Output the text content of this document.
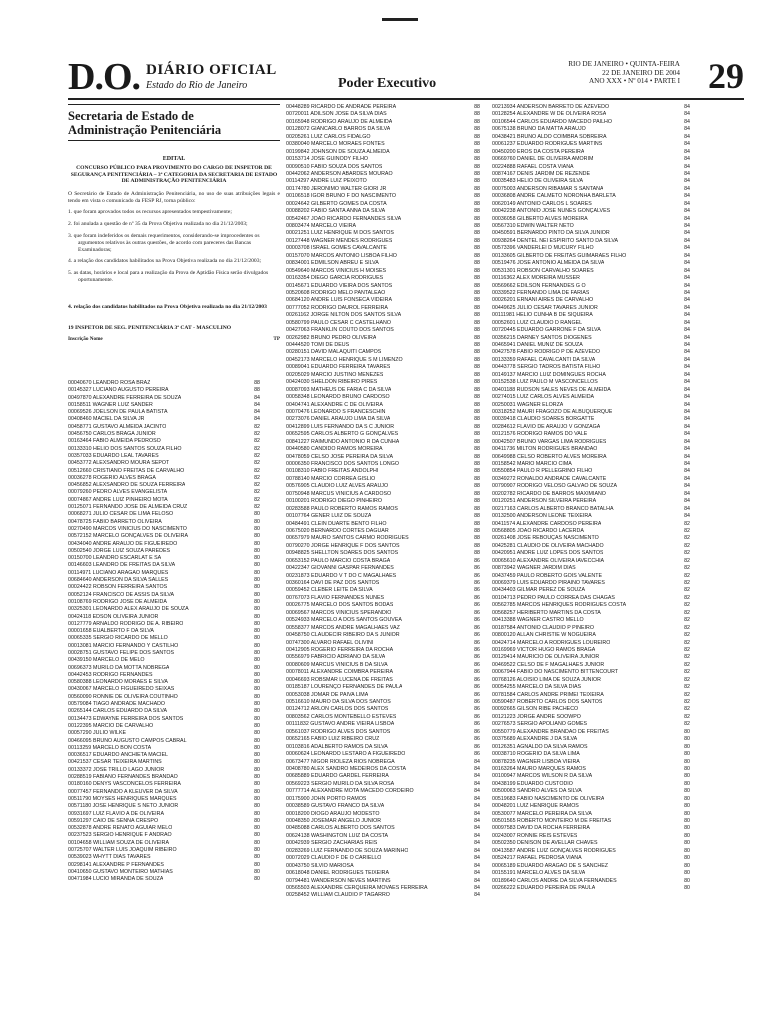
D.O. DIÁRIO OFICIAL
Estado do Rio de Janeiro	Poder Executivo
RIO DE JANEIRO • QUINTA-FEIRA
22 DE JANEIRO DE 2004
ANO XXX • Nº 014 • PARTE I 29
Secretaria de Estado de
Administração Penitenciária
EDITAL
CONCURSO PÚBLICO PARA PROVIMENTO DO CARGO DE INSPETOR DE SEGURANÇA PENITENCIÁRIA – 3ª CATEGORIA DA SECRETARIA DE ESTADO DE ADMINISTRAÇÃO PENITENCIÁRIA

O Secretário de Estado de Administração Penitenciária, no uso de suas atribuições legais e tendo em vista o comunicado da FESP RJ, torna público:

1. que foram aprovados todos os recursos apresentados tempestivamente;
2. foi anulada a questão de nº 35 da Prova Objetiva realizada no dia 21/12/2003;
3. que foram indeferidos os demais requerimentos, considerando-se improcedentes os argumentos relativos às outras questões, de acordo com pareceres das Bancas Examinadoras;
4. a relação dos candidatos habilitados na Prova Objetiva realizada no dia 21/12/2003;
5. as datas, horários e local para a realização da Prova de Aptidão Física serão divulgados oportunamente.
4. relação dos candidatos habilitados na Prova Objetiva realizada no dia 21/12/2003
19 INSPETOR DE SEG. PENITENCIÁRIA 3ª CAT - MASCULINO
Inscrição Nome	TP
00040670 LEANDRO ROSA BRAZ	88
00145327 LUCIANO AUGUSTO PEREIRA	88
00497870 ALEXANDRE FERREIRA DE SOUZA	84
00158511 WAGNER LUIZ SANDER	84
00069526 JOELSON DE PAULA BATISTA	84
00408460 MACIEL DA SILVA JR	84
00458771 GUSTAVO ALMEIDA JACINTO	82
00456750 CARLOS BRAGA JÚNIOR	82
00163464 FABIO ALMEIDA PEDROSO	82
00133310 HÉLIO DOS SANTOS SOUZA FILHO	82
00357033 EDUARDO LEAL TAVARES	82
00453772 ALEXSANDRO MOURA SEPOT	82
00512660 CRISTIANO FREITAS DE CARVALHO	82
00036278 ROGÉRIO ALVES BRAGA	82
00456852 ALEXSANDRO DE SOUZA FERREIRA	82
00079260 PEDRO ALVES EVANGELISTA	82
00074867 ANDRÉ LUIZ PINHEIRO MOTA	82
00125071 FERNANDO JOSÉ DE ALMEIDA CRUZ	82
00068271 JÚLIO CÉSAR DE LIMA FELOSO	80
00478725 FÁBIO BARRETO OLIVEIRA	80
00270490 MARCOS VINÍCIUS DO NASCIMENTO	80
00572152 MARCELO GONÇALVES DE OLIVEIRA	80
00434040 ANDRÉ ARAÚJO DE FIGUEIREDO	80
00502540 JORGE LUIZ SOUZA PAREDES	80
00150700 LEANDRO ESCARLAT E SÁ	80
00146603 LEANDRO DE FREITAS DA SILVA	80
00114971 LUCIANO ARAGÃO MARQUES	80
00684640 ANDERSON DA SILVA SALLES	80
00024422 ROBSON FERREIRA SANTOS	80
00052124 FRANCISCO DE ASSIS DA SILVA	80
00108769 RODRIGO JOSÉ DE ALMEIDA	80
00325301 LEONARDO ALEX ARAÚJO DE SOUZA	80
00424118 EDSON OLIVEIRA JÚNIOR	80
00127779 ARNALDO RODRIGO DE A. RIBEIRO	80
00001658 EUALBERTO F DA SILVA	80
00065335 SERGIO RICARDO DE MELLO	80
00013081 MARCIO FERNANDO Y CASTILHO	80
00028751 GUSTAVO FELIPE DOS SANTOS	80
00439150 MARCELO DE MELO	80
00696373 MURILO DA MOTTA NOBREGA	80
00442453 RODRIGO FERNANDES	80
00580388 LEONARDO MORAES E SILVA	80
00430067 MARCELO FIGUEIREDO SEIXAS	80
00560090 RONNIE DE OLIVEIRA COUTINHO	80
00579084 TIAGO ANDRADE MACHADO	80
00265144 CARLOS EDUARDO DA SILVA	80
00134473 EDWAYNE FERREIRA DOS SANTOS	80
00122395 MARCIO DE CARVALHO	80
00057290 JÚLIO WILKE	80
00466095 BRUNO AUGUSTO CAMPOS CABRAL	80
00113259 MARCELO BON COSTA	80
00036517 EDUARDO ANCHIETA MACIEL	80
00421537 CÉSAR TEIXEIRA MARTINS	80
00133372 JOSÉ TRILLO LAGO JÚNIOR	80
00288519 FABIANO FERNANDES BRANDÃO	80
00180160 DENYS VASCONCELOS FERREIRA	80
00077457 FERNANDO A KLEUVER DA SILVA	80
00511790 MOYSÉS HENRIQUES MARQUES	80
00571180 JOSÉ HENRIQUE S NETO JÚNIOR	80
00931697 LUIZ FLÁVIO A DE OLIVEIRA	80
00591297 CAIO DE SENNA CRESPO	80
00532878 ANDRÉ RENATO AGUIAR MELO	80
00237523 SERGIO HENRIQUE F ANDRÃO	80
00104658 WILLIAM SOUZA DE OLIVEIRA	80
00725707 WALTER LUIS JOAQUIM RIBEIRO	80
00539023 WHYTT DIAS TAVARES	80
00298141 ALEXANDRE P FERNANDES	80
00410650 GUSTAVO MONTEIRO MATHIAS	80
00471984 LUCIO MIRANDA DE SOUZA	80
00448289 RICARDO DE ANDRADE PEREIRA	88
00720011 ADILSON JOSÉ DA SILVA DIAS	88
00165948 RODRIGO ARAÚJO DE ALMEIDA	88
00128072 GIANCARLO BARROS DA SILVA	88
00205261 LUIZ CARLOS FIDALGO	88
00380040 MARCELO MORAES FONTES	88
00199842 JOHNSON DE SOUZA ALMEIDA	88
00153714 JOSÉ GUINODY FILHO	88
00090510 FÁBIO SOUZA DOS SANTOS	88
00442062 ANDERSON ABARDES MOURÃO	88
00114297 ANDRÉ LUIZ PEIXOTO	88
00174780 JERÔNIMO WALTER GIORI JR	88
00106518 IGOR BRUNO F DO NASCIMENTO	88
00024642 GILBERTO GOMES DA COSTA	88
00088202 FÁBIO SANTA ANNA DA SILVA	88
00542467 JOÃO RICARDO FERNANDES SILVA	88
00803474 MARCELO VIEIRA	88
00021251 LUIZ HENRIQUE M DOS SANTOS	88
00127448 WAGNER MENDES RODRIGUES	88
00003708 ISRAEL GOMES CAVALCANTE	88
00157070 MARCOS ANTONIO LISBOA FILHO	88
00834001 EDMILSON ABREU E SILVA	88
00549640 MARCOS VINÍCIUS H MOISÉS	88
00163354 DIEGO GARCIA RODRIGUES	88
00145671 EDUARDO VIEIRA DOS SANTOS	88
00520608 RODRIGO MELO PANTALEÃO	88
00684120 ANDRÉ LUIS FONSECA VIDEIRA	88
00777052 RODRIGO DAUROL FERREIRA	88
00261162 JORGE NILTON DOS SANTOS SILVA	88
00580799 PAULO CÉSAR C CASTELHANO	88
00427063 FRANKLIN COUTO DOS SANTOS	88
00262982 BRUNO PEDRO OLIVEIRA	88
00444520 TOMI DE DEUS	88
00280151 DAVID MALAQUITI CAMPOS	88
00452173 MARCELO HENRIQUE S M LIMENZO	88
00089041 EDUARDO FERREIRA TAVARES	88
00205029 MARCIO JUSTINO MENEZES	88
00424030 SHELDON RIBEIRO PIRES	88
00087093 MATHEUS DE FARIA C DA SILVA	88
00058348 LEONARDO BRUNO CARDOSO	88
00404741 ALEXANDRE C DE OLIVEIRA	88
00070476 LEONARDO S FRANCESCHIN	88
00273076 DANIEL ARAÚJO LIMA DA SILVA	88
00412899 LUIS FERNANDO DA S C JÚNIOR	88
00652595 CARLOS ALBERTO G GONÇALVES	88
00841227 RAIMUNDO ANTONIO R DA CUNHA	88
00440580 CÂNDIDO RAMOS MOREIRA	88
00478059 CELSO JOSÉ PEREIRA DA SILVA	88
00006350 FRANCISCO DOS SANTOS LONGO	88
00108310 FABIO FREITAS ANDOLPHI	88
00788140 MARCIO CORRÊA GISLIO	88
00576905 CLAUDIO LUIZ ALVES ARAÚJO	88
00750948 MARCUS VINICIUS A CARDOSO	88
00100201 RODRIGO DIEGO PINHEIRO	88
00283588 PAULO ROBERTO RAMOS RAMOS	88
00107764 GENER LUIZ DE SOUZA	88
00484491 CLEIN DUARTE BENTO FILHO	88
00675020 BERNARDO CÔRTES DAGUAR	88
00657979 MAURO SANTOS CARMO RODRIGUES	88
00790270 JORGE HENRIQUE F DOS SANTOS	88
00948825 SHELLTON SOARES DOS SANTOS	88
00653152 PAULO MARCIO COSTA BRAGA	86
00422347 GIOVANNI GASPAR FERNANDES	86
00231873 EDUARDO V T DO C MAGALHÃES	86
00360164 DAVI DE PAZ DOS SANTOS	86
00059452 CLÉBER LEITE DA SILVA	86
00767073 FLÁVIO FERNANDES NUNES	86
00026775 MARCELO DOS SANTOS BODAS	86
00069567 MARCOS VINICIUS SPERANDIO	86
00524933 MARCELO A DOS SANTOS GOUVEA	86
00558377 MARCOS ANDRÉ MAGALHÃES VAZ	86
00458750 CLAUDECIR RIBEIRO DA S JÚNIOR	86
00747300 ALVARO RAFAEL OLIVINI	86
00412905 ROGÉRIO FERREIRA DA ROCHA	86
00556979 FABRÍCIO ADRIANO DA SILVA	86
00080609 MARCUS VINICIUS B DA SILVA	86
00078011 ALEXANDRE COIMBRA PEREIRA	86
00046693 ROBSMAR LUCENA DE FREITAS	86
00185187 LOURENÇO FERNANDES DE PAULA	86
00053038 JOMAR DE PAIVA LIMA	86
00516610 MAURO DA SILVA DOS SANTOS	86
00124712 ARLON CARLOS DOS SANTOS	86
00803562 CARLOS MONTEBELLO ESTEVES	86
00111832 GUSTAVO ANDRÉ VIEIRA LISBOA	86
00561037 RODRIGO ALVES DOS SANTOS	86
00652165 FÁBIO LUIZ RIBEIRO CRUZ	86
00103816 ADALBERTO RAMOS DA SILVA	86
00060624 LEONARDO LESTARO A FIGUEIREDO	86
00673477 NIGOR RIOLEZA RIOS NÓBREGA	84
00408780 ALEX SANDRO MEDEIROS DA COSTA	84
00685889 EDUARDO GARDEL FERREIRA	84
00569223 SÉRGIO MURILO DA SILVA ROSA	84
00777714 ALEXANDRE MOTA MACEDO CORDEIRO	84
00175900 JOHN PORTO RAMOS	84
00038589 GUSTAVO FRANCO DA SILVA	84
00018200 DIOGO ARAUJO MODESTO	84
00048350 JOSEMAR ANGELO JUNIOR	84
00485088 CARLOS ALBERTO DOS SANTOS	84
00624138 WASHINGTON LUIZ DA COSTA	84
00042939 SERGIO ZACHARIAS REIS	84
00283269 LUIZ FERNANDO DE SOUZA MARINHO	84
00072029 CLAUDIO F DE O CARIELLO	84
00043750 SILVIO MARIOSA	84
00618048 DANIEL RODRIGUES TEIXEIRA	84
00794481 WANDERSON NEVES MARTINS	84
00565503 ALEXANDRE CERQUEIRA MOVAES FERREIRA	84
00258452 WILLIAM CLAUDIO P TAGARRO	84
00213934 ANDERSON BARRETO DE AZEVEDO	84
00128254 ALEXANDRE W DE OLIVEIRA ROSA	84
00106544 CARLOS EDUARDO MACEDO PAILHO	84
00675138 BRUNO DA MATTA ARAÚJO	84
00438421 BRUNO ALDO COIMBRA SOBREIRA	84
00061237 EDUARDO RODRIGUES MARTINS	84
00450200 EROS DA COSTA PEREIRA	84
00669760 DANIEL DE OLIVEIRA AMORIM	84
00224888 RAFAEL COSTA VIANA	84
00874167 DENIS JARDIM DE REZENDE	84
00035483 HÉLIO DE OLIVEIRA SILVA	84
00075003 ANDERSON RIBAMAR S SANTANA	84
00036808 ANDRÉ CALMÉTO NORONHA BARLETA	84
00620149 ANTONIO CARLOS L SOARES	84
00042238 ANTONIO JOSÉ NUNES GONÇALVES	84
00036058 GILBERTO ALVES MOREIRA	84
00567310 EDWIN WALTER NETO	84
00450591 BERNARDO PINTO DA SILVA JÚNIOR	84
00938264 DENTEL NEI ESPÍRITO SANTO DA SILVA	84
00573396 VANDERLEI D MUCURY FILHO	84
00133605 GILBERTO DE FREITAS GUIMARÃES FILHO	84
00519476 JOSÉ ANTONIO ALMEIDA DA SILVA	84
00531301 ROBSON CARVALHO SOARES	84
00116362 ALEX MOREIRA MUSSER	84
00569662 EDILSON FERNANDES G O	84
00339522 FERNANDO LIMA DE FARIAS	84
00026201 ERNANI AIRES DE CARVALHO	84
00449625 JÚLIO CÉSAR TAVARES JÚNIOR	84
00111981 HÉLIO CUNHA B DE SIQUEIRA	84
00052601 LUIZ CLÁUDIO D RANGEL	84
00720445 EDUARDO GARRONE F DA SILVA	84
00356215 DARNEY SANTOS DIÓGENES	84
00465941 DANIEL MUNIZ DE SOUZA	84
00427578 FÁBIO RODRIGO P DE AZEVEDO	84
00133359 RAFAEL CAVALCANTI DA SILVA	84
00443778 SÉRGIO TADROS BATISTA FILHO	84
00149137 MARCIO LUIZ DOMINGUES ROCHA	84
00152538 LUIZ PAULO M VASCONCELLOS	84
00401188 RUDSON SALES NEVES DE ALMEIDA	84
00274015 LUIZ CARLOS ALVES ALMEIDA	84
00250031 WAGNER ELORZA	84
00318252 MAURI FRAGOZO DE ALBUQUERQUE	84
00039418 CLAUDIO SOARES BORGATTE	84
00284612 FLÁVIO DE ARAÚJO V GONZAGA	84
00121576 RODRIGO RAMOS DO VALE	84
00042507 BRUNO VARGAS LIMA RODRIGUES	84
00411736 MILTON RODRIGUES BRANDÃO	84
00649988 CELSO ROBERTO ALVES MOREIRA	84
00158542 MÁRIO MÁRCIO CIMA	84
00550854 PAULO R PELLEGRINO FILHO	84
00349272 RONALDO ANDRADE CAVALCANTE	84
00790907 RODRIGO VELOSO GALVÃO DE SOUZA	84
00202782 RICARDO DE BARROS MAXIMIANO	84
00120251 ANDERSON SILVEIRA PEREIRA	84
00217163 CARLOS ALBERTO BRANCO BATALHA	84
00132500 ANDERSON LEONE TEIXEIRA	84
00411574 ALEXANDRE CARDOSO PEREIRA	82
00568805 JOÃO RICARDO LACERDA	82
00261408 JOSÉ REBOUÇAS NASCIMENTO	82
00425281 CLAUDIO DE OLIVEIRA MACHADO	82
00420951 ANDRÉ LUIZ LOPES DOS SANTOS	82
00065610 ALEXANDRE OLIVEIRA IAVECCHIA	82
00873942 WAGNER JARDIM DIAS	82
00437459 PAULO ROBERTO GOIS VALENTE	82
00069379 LUIS EDUARDO PIRAINO TAVARES	82
00434403 GILMAR PEREZ DE SOUZA	82
00104713 PEDRO PAULO CORRÊA DAS CHAGAS	82
00562785 MARCOS HENRIQUES RODRIGUES COSTA	82
00568257 HERIBERTO MARTINS DA COSTA	82
00413388 WAGNER CASTRO MELLO	82
00187584 ANTONIO CLÁUDIO P PINEIRO	82
00800120 ALLAN CHRISTIE W NOGUEIRA	82
00424714 MARCELO A RODRIGUES LOUREIRO	82
00169969 VICTOR HUGO RAMOS BRAGA	82
00129414 MAURÍCIO DE OLIVEIRA JÚNIOR	82
00469522 CELSO DE F MAGALHÃES JÚNIOR	82
00067944 FÁBIO DO NASCIMENTO BITTENCOURT	82
00768126 ALOÍSIO LIMA DE SOUZA JÚNIOR	82
00054255 MARCELO DA SILVA DIAS	82
00781584 CARLOS ANDRÉ PRIMEI TEIXEIRA	82
00590487 ROBERTO CARLOS DOS SANTOS	82
00092665 GILSON RIBE PACHECO	82
00121223 JORGE ANDRÉ SOOWPO	82
00276573 SÉRGIO APOLIANO GOMES	82
00550779 ALEXANDRE BRANDÃO DE FREITAS	80
00375689 ALEXANDRE J DA SILVA	80
00126351 AGNALDO DA SILVA RAMOS	80
00038710 ROGÉRIO DA SILVA LIMA	80
00878235 WAGNER LISBOA VIEIRA	80
00163264 MAURO MARQUES RAMOS	80
00100947 MARCOS WILSON R DA SILVA	80
00438199 EDUARDO CUSTODIO	80
00500063 SANDRO ALVES DA SILVA	80
00519683 FÁBIO NASCIMENTO DE OLIVEIRA	80
00048201 LUIZ HENRIQUE RAMOS	80
00530077 MARCELO PEREIRA DA SILVA	80
00501565 ROBERTO MONTEIRO M DE FREITAS	80
00097583 DAVID DA ROCHA FERREIRA	80
00243007 RONNIE REIS ESTEVES	80
00502350 DENISON DE AVELLAR CHAVES	80
00413587 ANDRÉ LUIZ GONÇALVES RODRIGUES	80
00524217 RAFAEL PEDROSA VIANA	80
00065189 EDUARDO ARAGÃO DE S SANCHEZ	80
00155191 MARCELO ALVES DA SILVA	80
00189640 CARLOS ANDRÉ DA SILVA FERNANDES	80
00266222 EDUARDO PEREIRA DE PAULA	80
